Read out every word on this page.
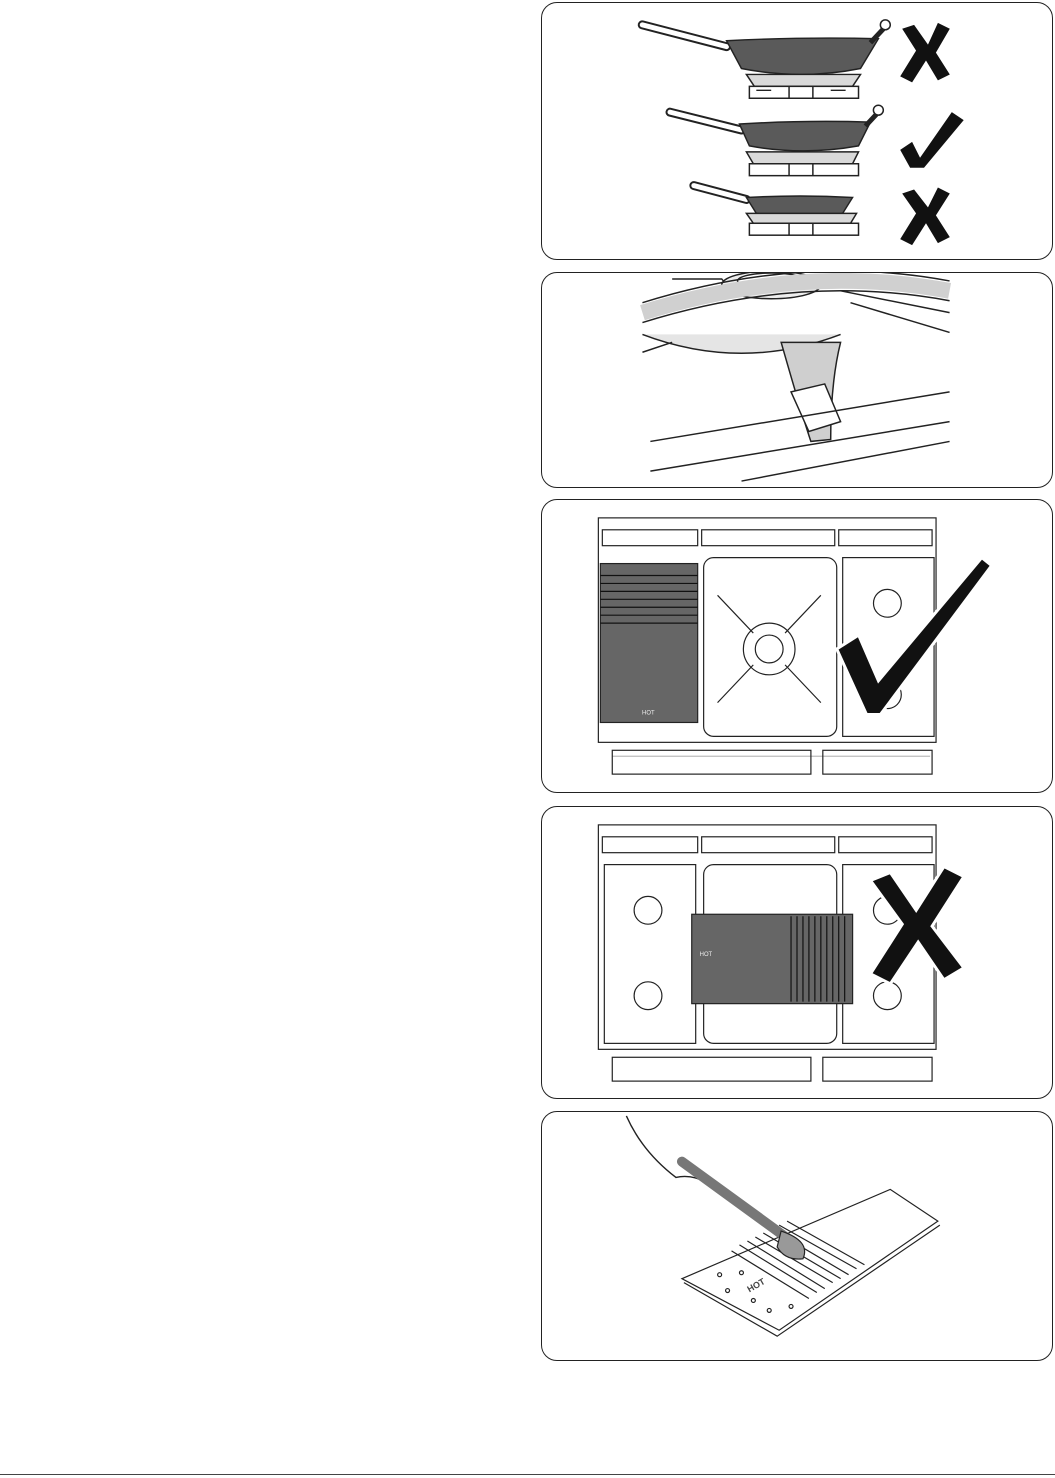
HOT
HOT
HOT
